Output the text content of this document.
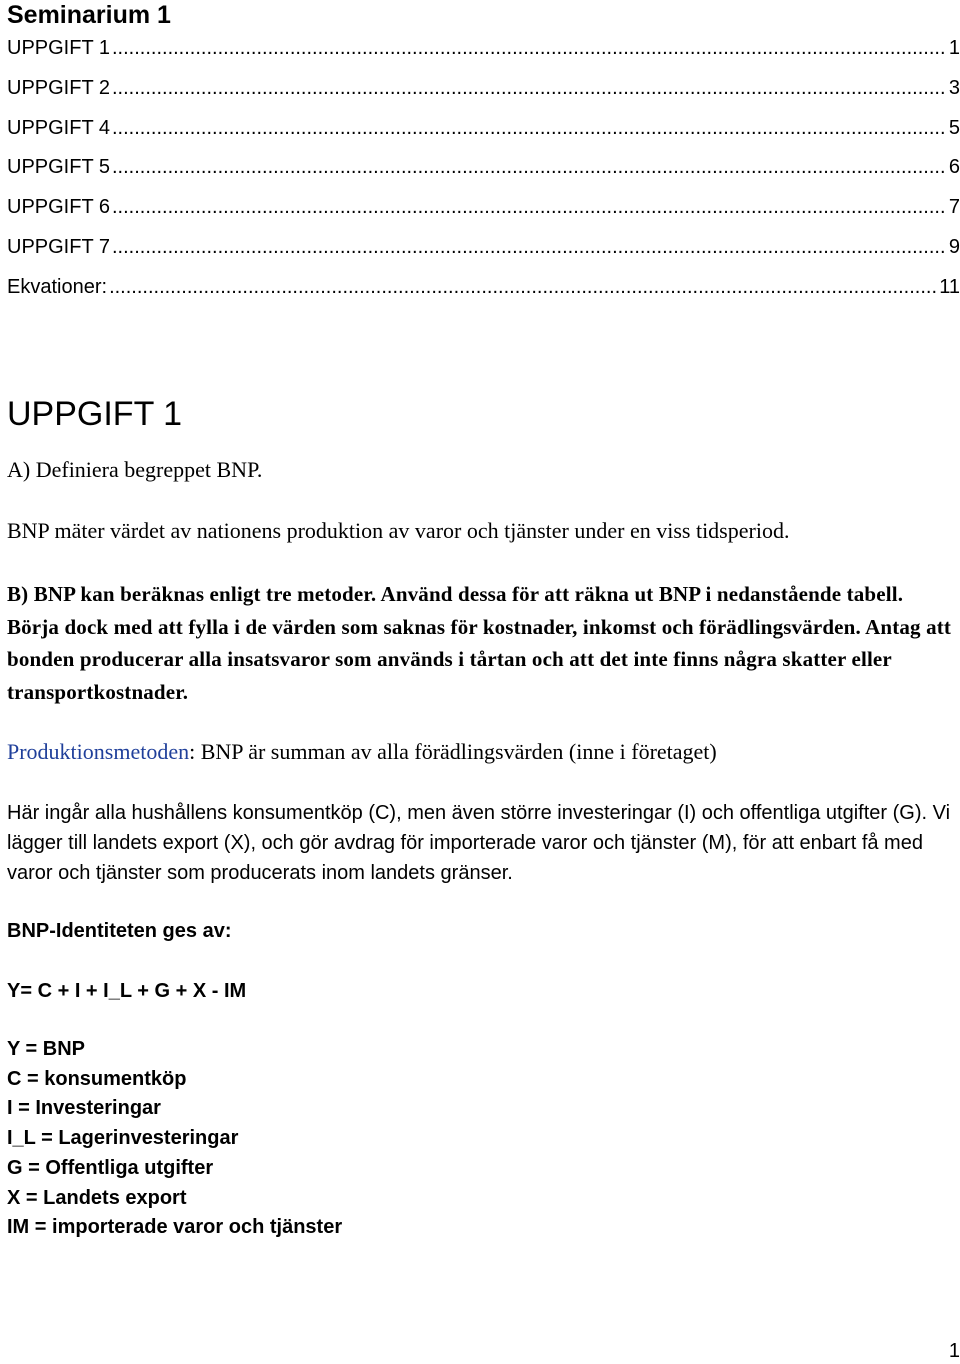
Seminarium 1
UPPGIFT 1 .....	1
UPPGIFT 2 .....	3
UPPGIFT 4 .....	5
UPPGIFT 5 .....	6
UPPGIFT 6 .....	7
UPPGIFT 7 .....	9
Ekvationer: .....	11
UPPGIFT 1
A) Definiera begreppet BNP.
BNP mäter värdet av nationens produktion av varor och tjänster under en viss tidsperiod.
B) BNP kan beräknas enligt tre metoder. Använd dessa för att räkna ut BNP i nedanstående tabell. Börja dock med att fylla i de värden som saknas för kostnader, inkomst och förädlingsvärden. Antag att bonden producerar alla insatsvaror som används i tårtan och att det inte finns några skatter eller transportkostnader.
Produktionsmetoden: BNP är summan av alla förädlingsvärden (inne i företaget)
Här ingår alla hushållens konsumentköp (C), men även större investeringar (I) och offentliga utgifter (G). Vi lägger till landets export (X), och gör avdrag för importerade varor och tjänster (M), för att enbart få med varor och tjänster som producerats inom landets gränser.
BNP-Identiteten ges av:
Y= C + I + I_L + G + X - IM
Y = BNP
C = konsumentköp
I = Investeringar
I_L = Lagerinvesteringar
G = Offentliga utgifter
X = Landets export
IM = importerade varor och tjänster
1
